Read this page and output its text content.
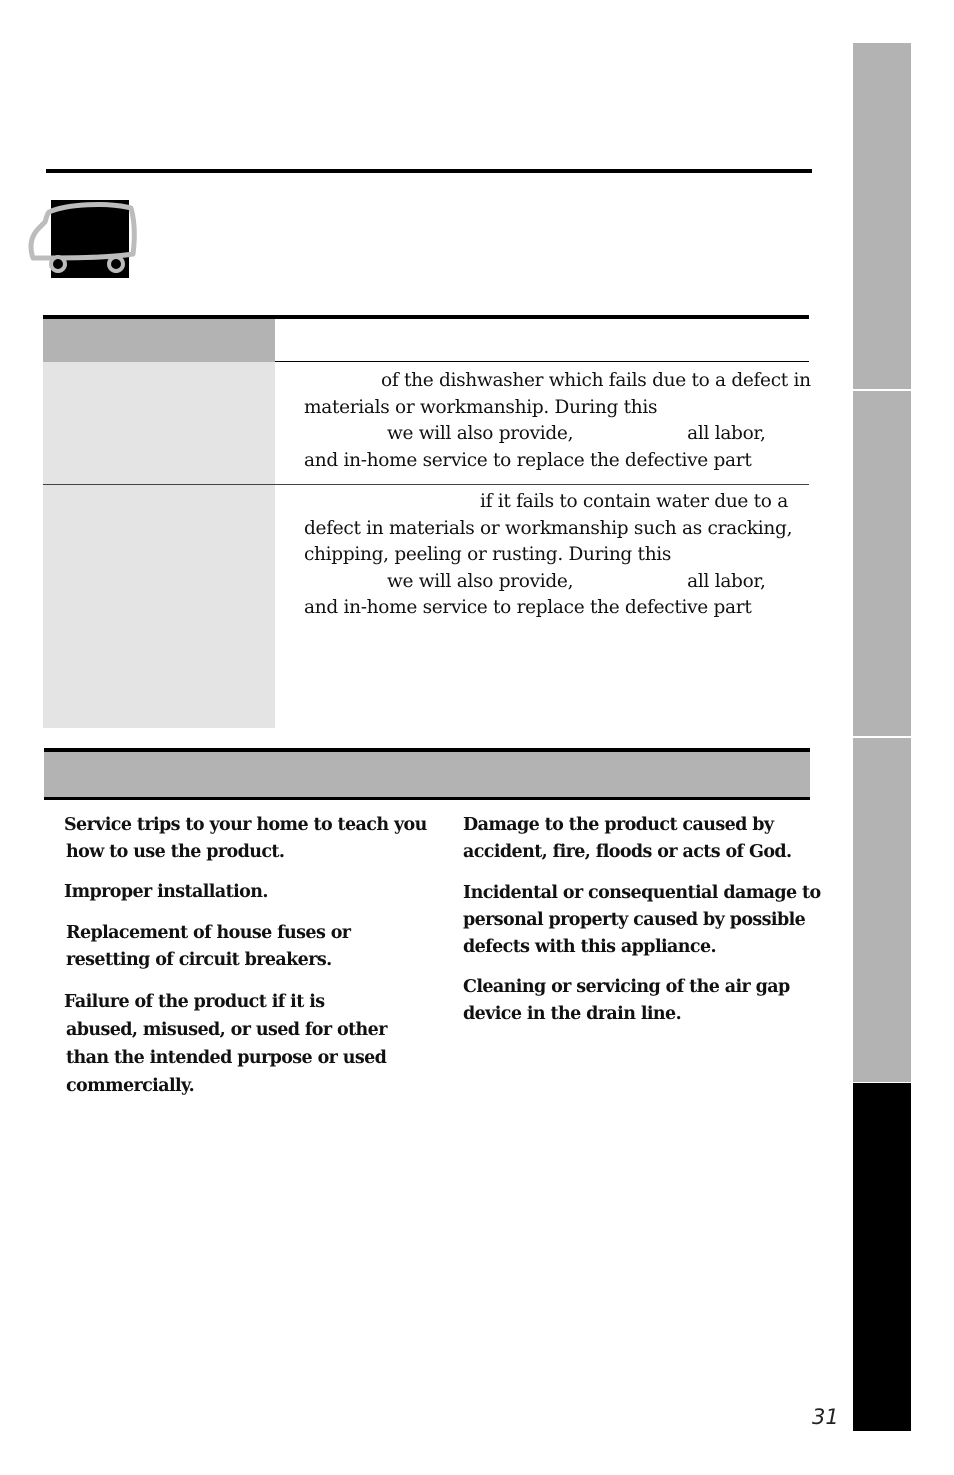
of the dishwasher which fails due to a defect in
materials or workmanship. During this
we will also provide,	all labor,
and in-home service to replace the defective part
if it fails to contain water due to a
defect in materials or workmanship such as cracking,
chipping, peeling or rusting. During this
we will also provide,	all labor,
and in-home service to replace the defective part
Service trips to your home to teach you
how to use the product.
Improper installation.
Replacement of house fuses or
resetting of circuit breakers.
Failure of the product if it is
abused, misused, or used for other
than the intended purpose or used
commercially.
Damage to the product caused by
accident, fire, floods or acts of God.
Incidental or consequential damage to
personal property caused by possible
defects with this appliance.
Cleaning or servicing of the air gap
device in the drain line.
31
